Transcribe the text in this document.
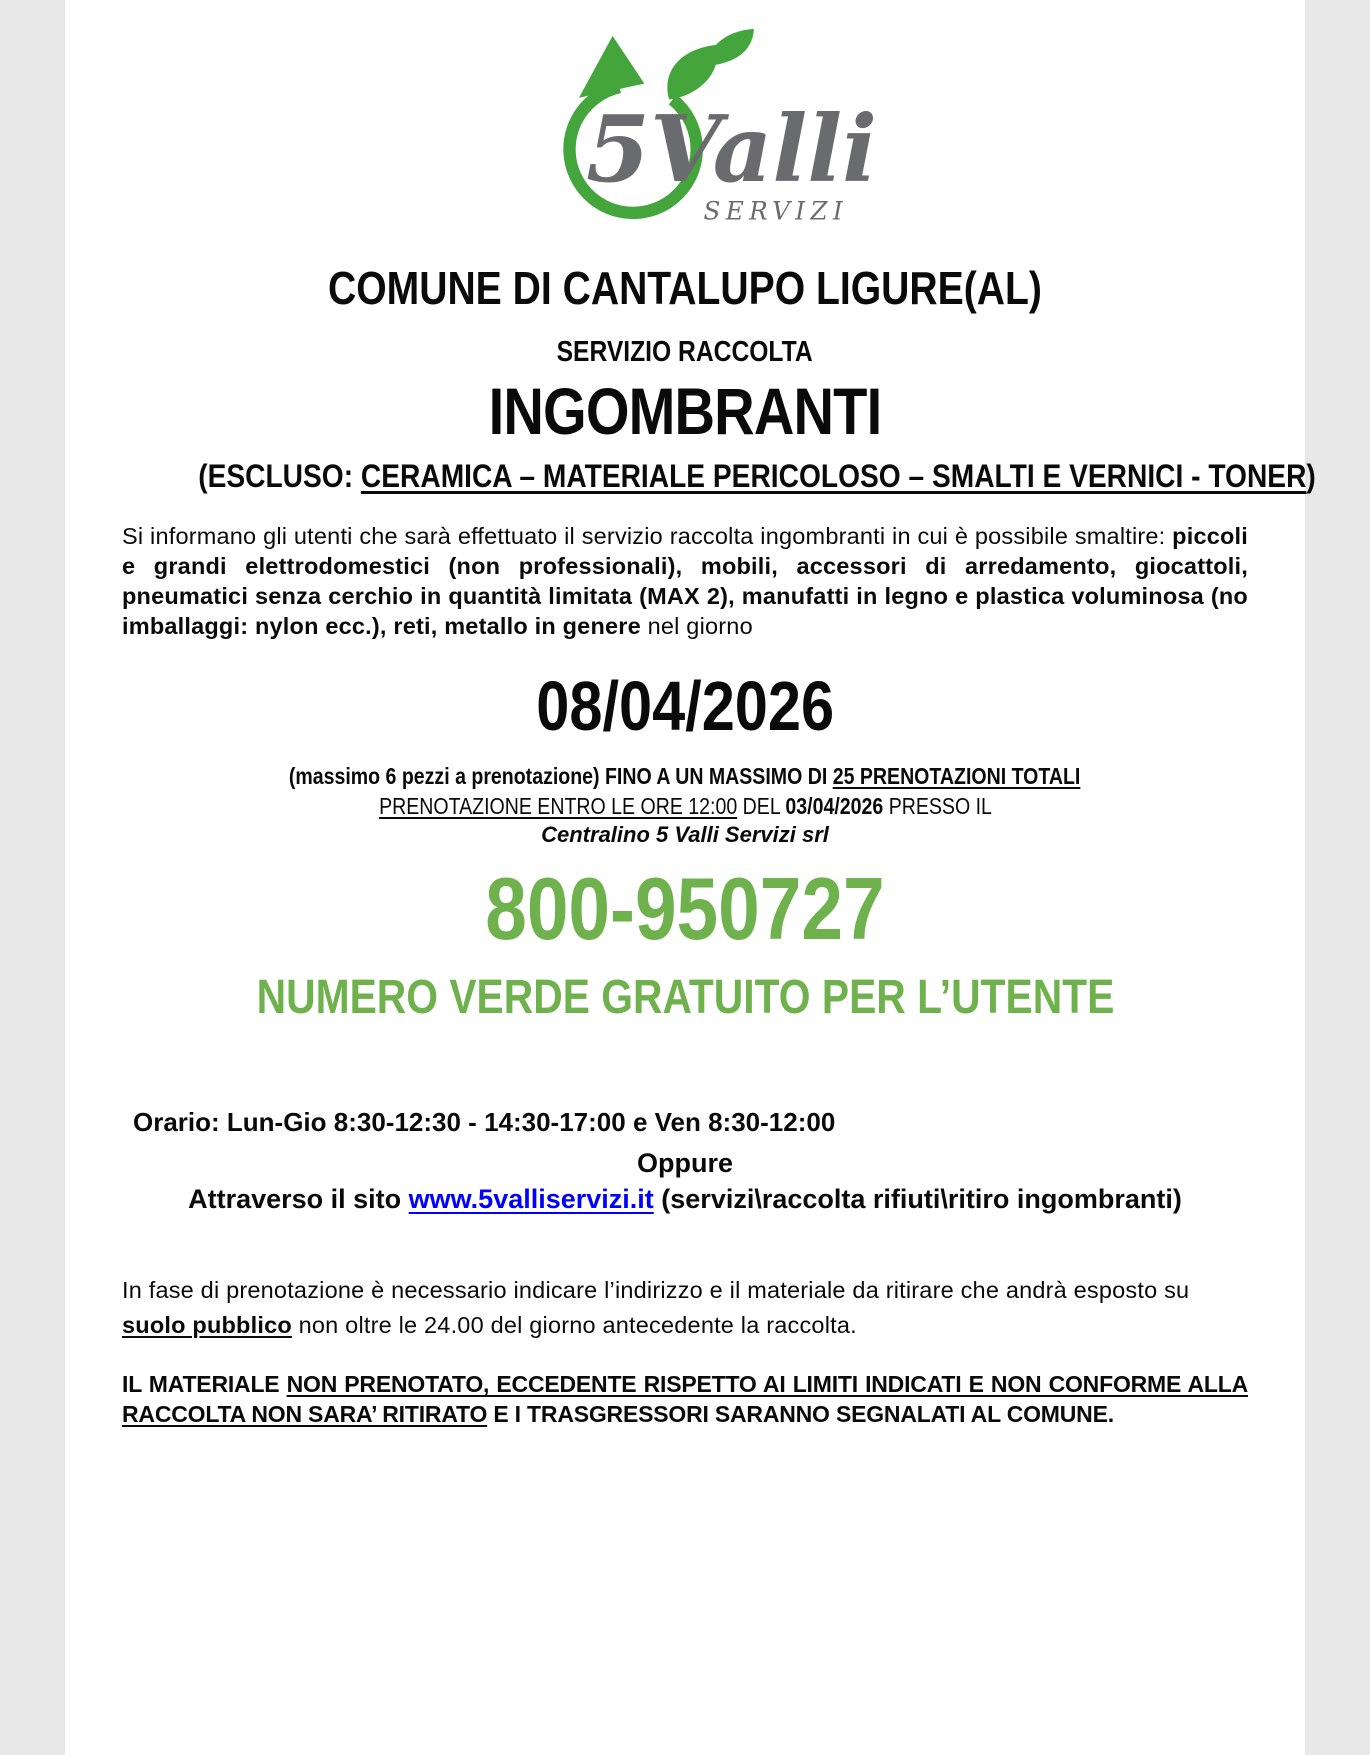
5Valli
SERVIZI
COMUNE DI CANTALUPO LIGURE(AL)
SERVIZIO RACCOLTA
INGOMBRANTI
(ESCLUSO: CERAMICA – MATERIALE PERICOLOSO – SMALTI E VERNICI - TONER)

Si informano gli utenti che sarà effettuato il servizio raccolta ingombranti in cui è possibile smaltire: piccoli e grandi elettrodomestici (non professionali), mobili, accessori di arredamento, giocattoli, pneumatici senza cerchio in quantità limitata (MAX 2), manufatti in legno e plastica voluminosa (no imballaggi: nylon ecc.), reti, metallo in genere nel giorno

08/04/2026
(massimo 6 pezzi a prenotazione) FINO A UN MASSIMO DI 25 PRENOTAZIONI TOTALI
PRENOTAZIONE ENTRO LE ORE 12:00 DEL 03/04/2026 PRESSO IL
Centralino 5 Valli Servizi srl
800-950727
NUMERO VERDE GRATUITO PER L’UTENTE
Orario: Lun-Gio 8:30-12:30 - 14:30-17:00 e Ven 8:30-12:00
Oppure
Attraverso il sito www.5valliservizi.it (servizi\raccolta rifiuti\ritiro ingombranti)

In fase di prenotazione è necessario indicare l’indirizzo e il materiale da ritirare che andrà esposto su suolo pubblico non oltre le 24.00 del giorno antecedente la raccolta.

IL MATERIALE NON PRENOTATO, ECCEDENTE RISPETTO AI LIMITI INDICATI E NON CONFORME ALLA RACCOLTA NON SARA’ RITIRATO E I TRASGRESSORI SARANNO SEGNALATI AL COMUNE.
